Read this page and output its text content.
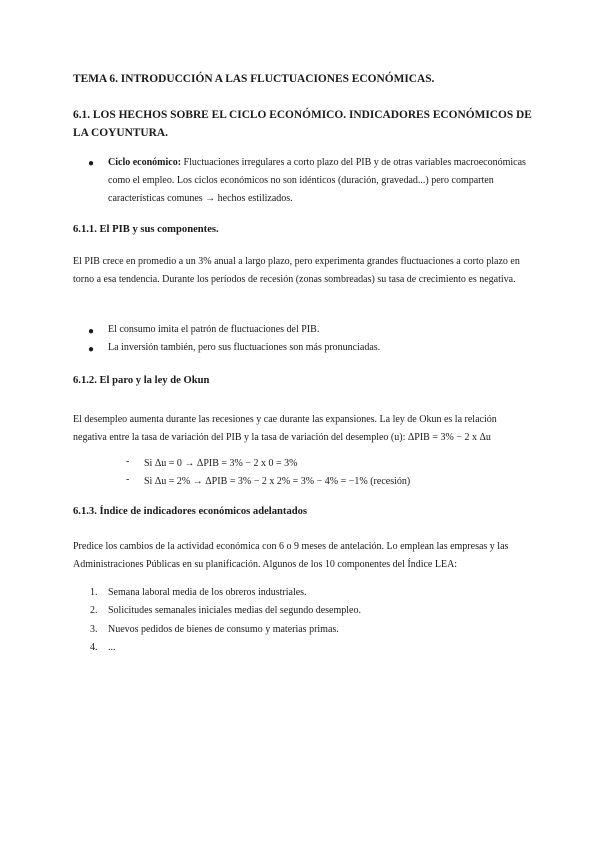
TEMA 6. INTRODUCCIÓN A LAS FLUCTUACIONES ECONÓMICAS.

6.1. LOS HECHOS SOBRE EL CICLO ECONÓMICO. INDICADORES ECONÓMICOS DE LA COYUNTURA.

● Ciclo económico: Fluctuaciones irregulares a corto plazo del PIB y de otras variables macroeconómicas como el empleo. Los ciclos económicos no son idénticos (duración, gravedad...) pero comparten características comunes → hechos estilizados.

6.1.1. El PIB y sus componentes.

El PIB crece en promedio a un 3% anual a largo plazo, pero experimenta grandes fluctuaciones a corto plazo en torno a esa tendencia. Durante los períodos de recesión (zonas sombreadas) su tasa de crecimiento es negativa.

● El consumo imita el patrón de fluctuaciones del PIB.

● La inversión también, pero sus fluctuaciones son más pronunciadas.

6.1.2. El paro y la ley de Okun

El desempleo aumenta durante las recesiones y cae durante las expansiones. La ley de Okun es la relación negativa entre la tasa de variación del PIB y la tasa de variación del desempleo (u): ΔPIB = 3% − 2 x Δu

- Si Δu = 0 → ΔPIB = 3% − 2 x 0 = 3%
- Si Δu = 2% → ΔPIB = 3% − 2 x 2% = 3% − 4% = −1% (recesión)

6.1.3. Índice de indicadores económicos adelantados

Predice los cambios de la actividad económica con 6 o 9 meses de antelación. Lo emplean las empresas y las Administraciones Públicas en su planificación. Algunos de los 10 componentes del Índice LEA:

1. Semana laboral media de los obreros industriales.
2. Solicitudes semanales iniciales medias del segundo desempleo.
3. Nuevos pedidos de bienes de consumo y materias primas.
4. ...
